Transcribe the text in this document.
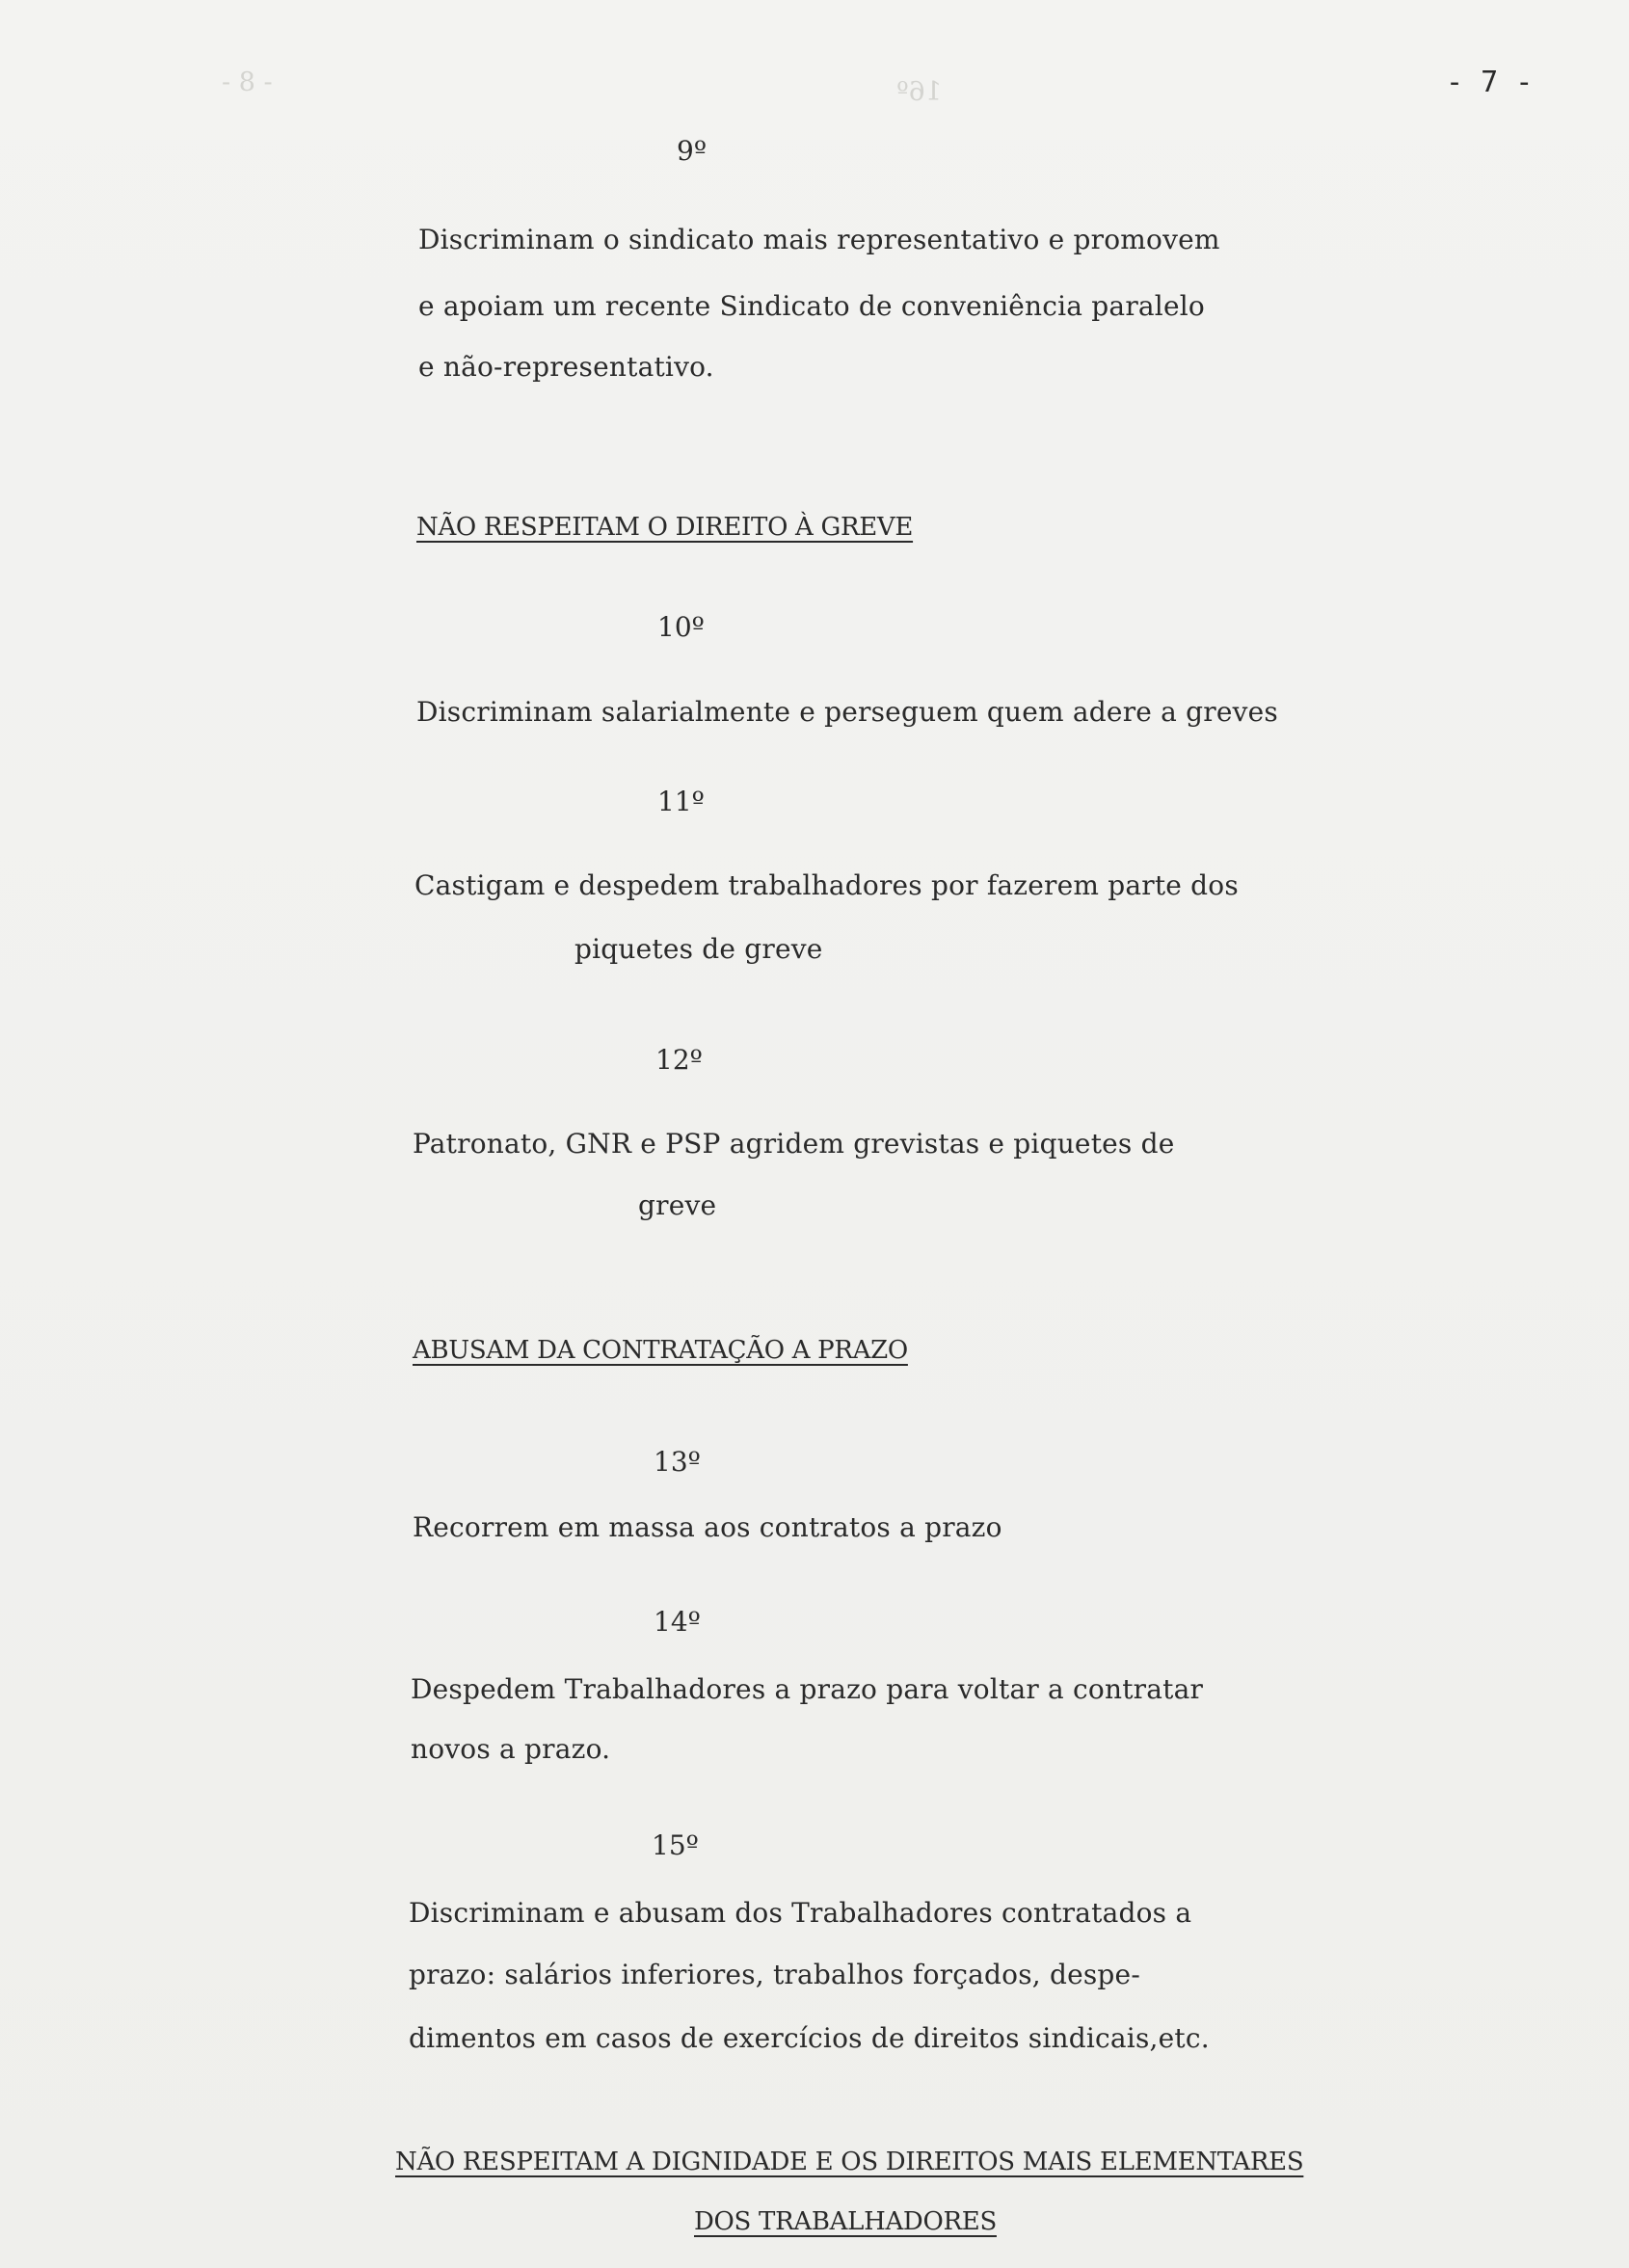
16º
- 8 -	- 7 -
9º
Discriminam o sindicato mais representativo e promovem
e apoiam um recente Sindicato de conveniência paralelo
e não-representativo.
NÃO RESPEITAM O DIREITO À GREVE
10º
Discriminam salarialmente e perseguem quem adere a greves
11º
Castigam e despedem trabalhadores por fazerem parte dos
piquetes de greve
12º
Patronato, GNR e PSP agridem grevistas e piquetes de
greve
ABUSAM DA CONTRATAÇÃO A PRAZO
13º
Recorrem em massa aos contratos a prazo
14º
Despedem Trabalhadores a prazo para voltar a contratar
novos a prazo.
15º
Discriminam e abusam dos Trabalhadores contratados a
prazo: salários inferiores, trabalhos forçados, despe-
dimentos em casos de exercícios de direitos sindicais,etc.
NÃO RESPEITAM A DIGNIDADE E OS DIREITOS MAIS ELEMENTARES
DOS TRABALHADORES
